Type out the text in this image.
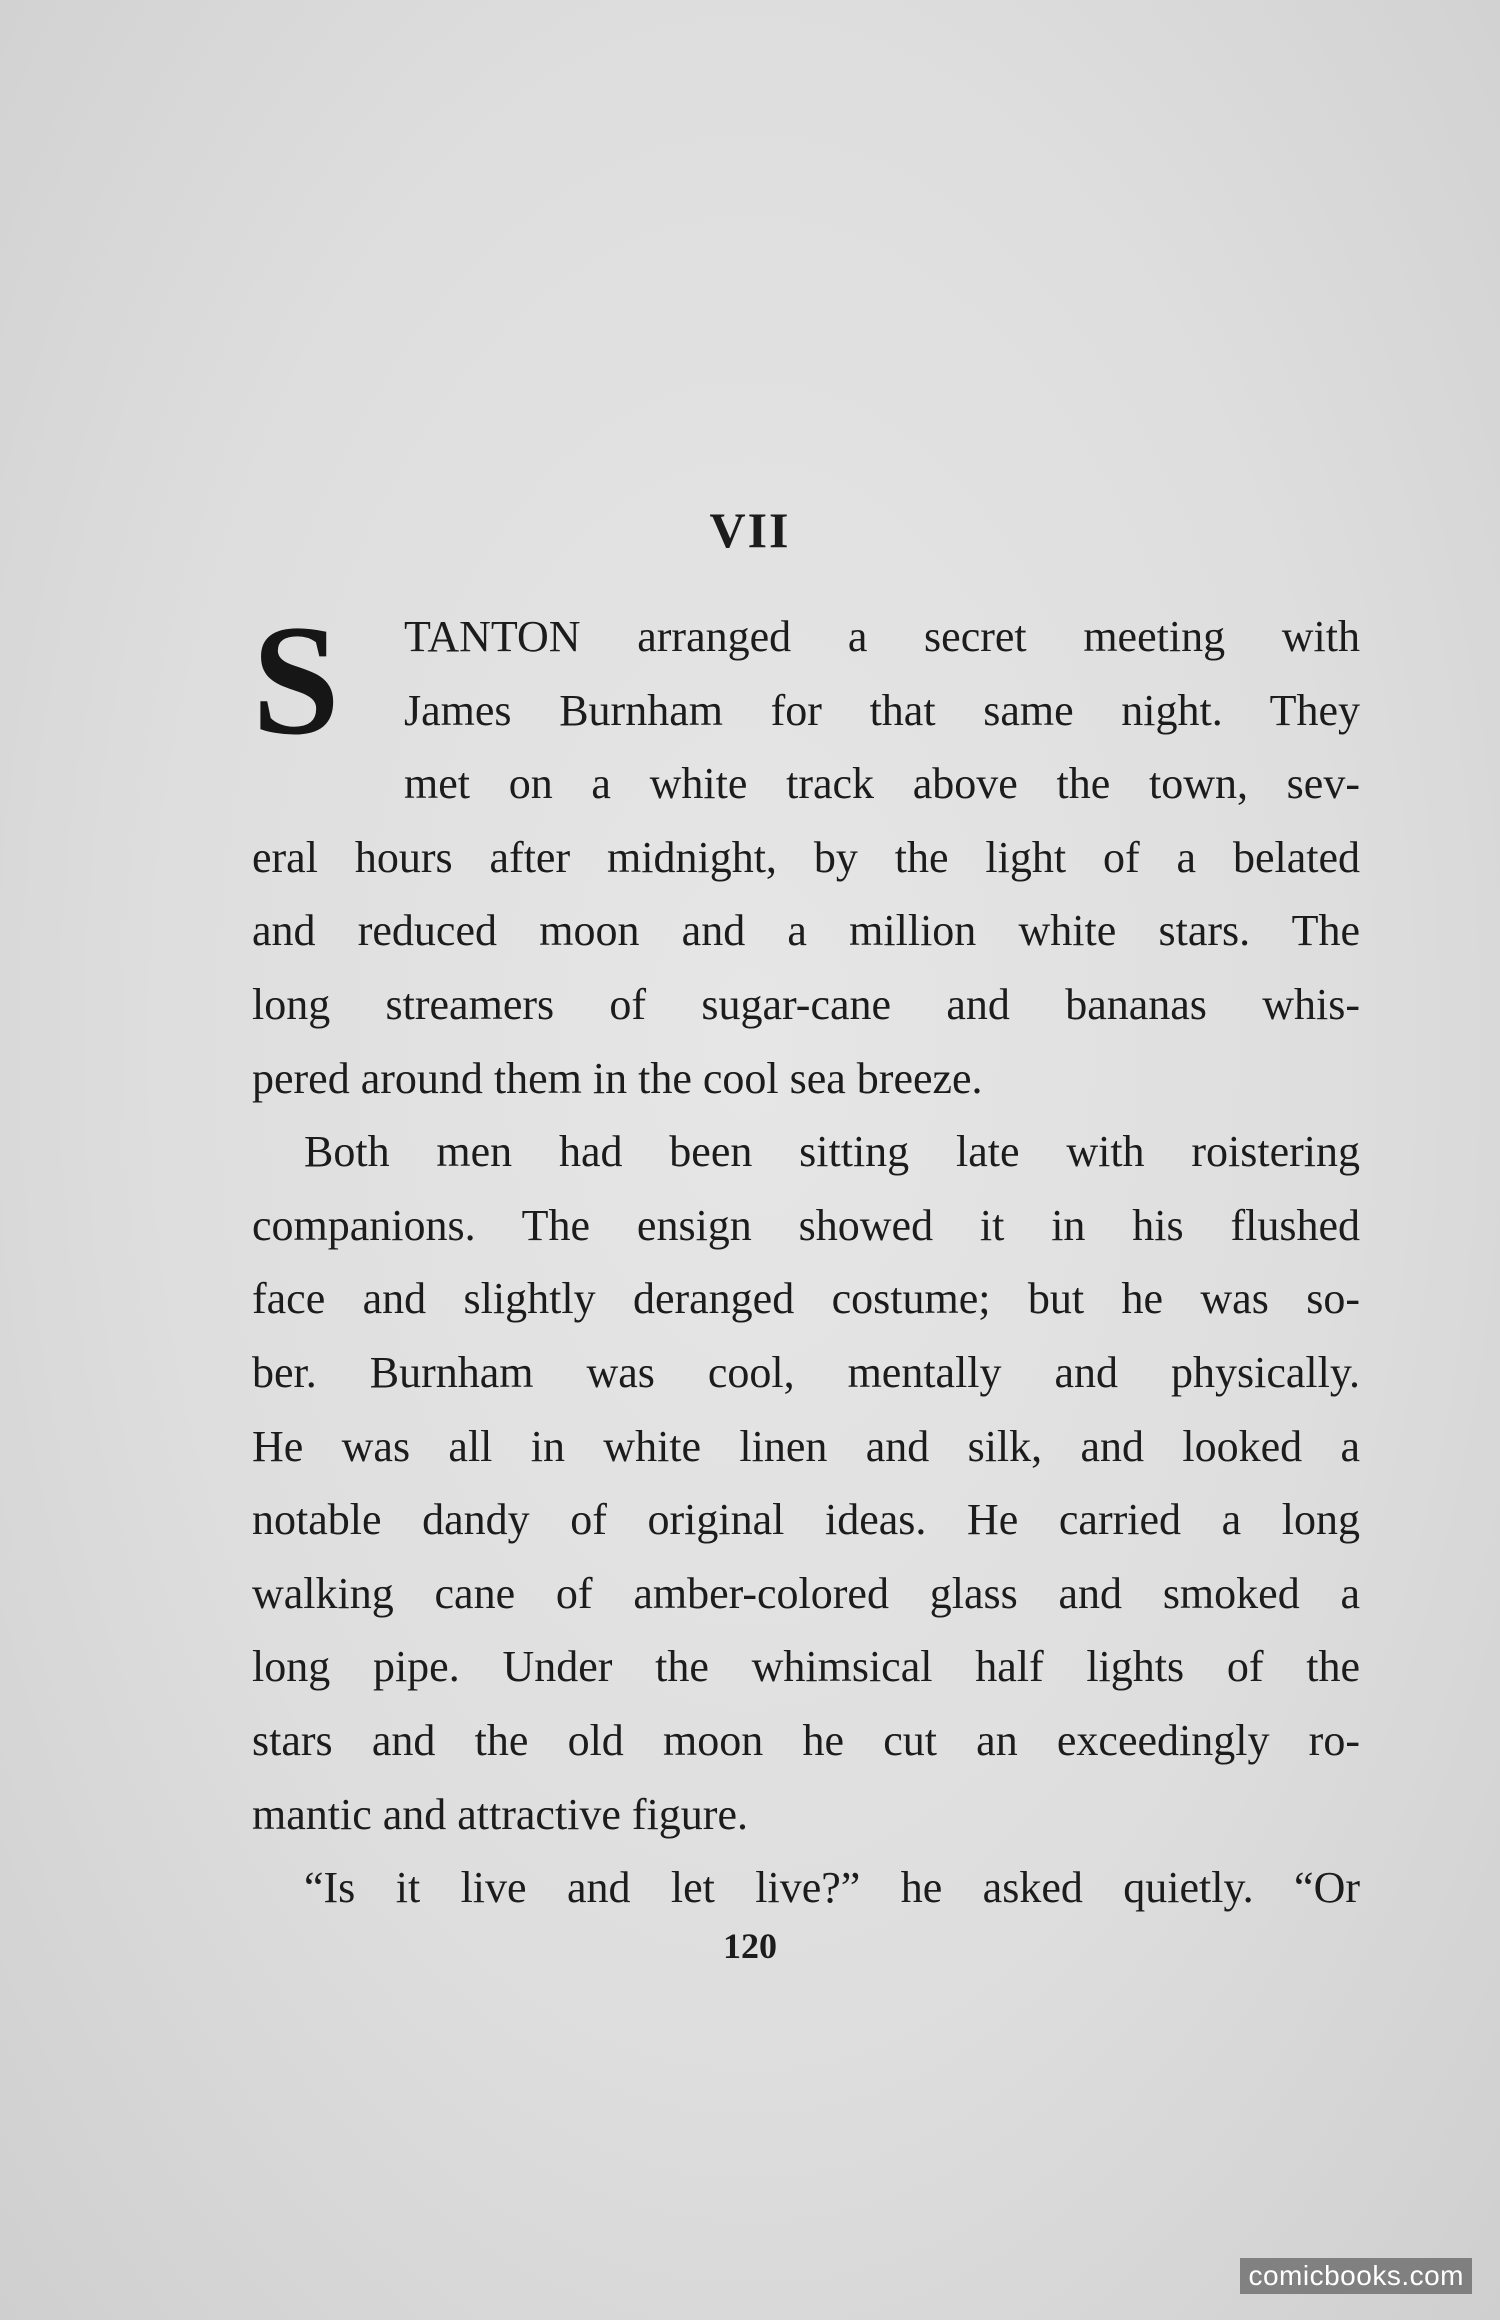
VII
S	TANTON arranged a secret meeting with
James Burnham for that same night. They
met on a white track above the town, sev-
eral hours after midnight, by the light of a belated
and reduced moon and a million white stars. The
long streamers of sugar-cane and bananas whis-
pered around them in the cool sea breeze.
Both men had been sitting late with roistering
companions. The ensign showed it in his flushed
face and slightly deranged costume; but he was so-
ber. Burnham was cool, mentally and physically.
He was all in white linen and silk, and looked a
notable dandy of original ideas. He carried a long
walking cane of amber-colored glass and smoked a
long pipe. Under the whimsical half lights of the
stars and the old moon he cut an exceedingly ro-
mantic and attractive figure.
“Is it live and let live?” he asked quietly. “Or
120
comicbooks.com
